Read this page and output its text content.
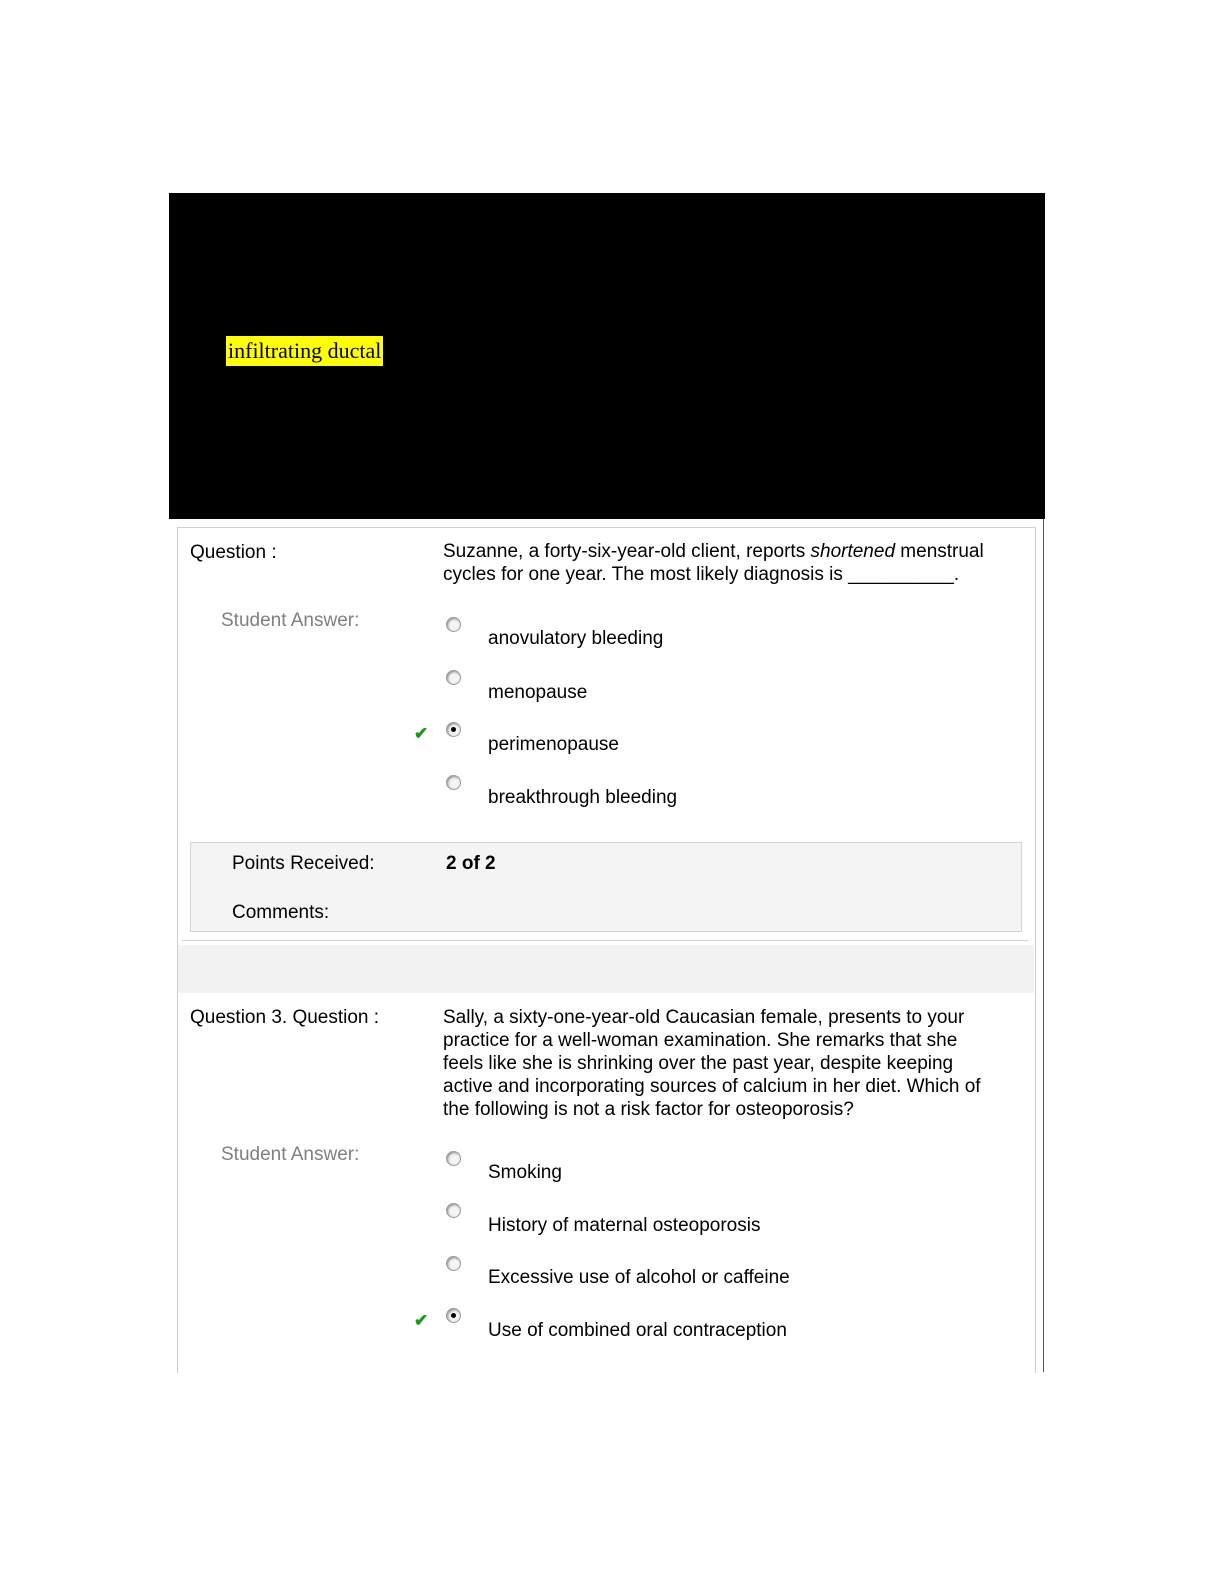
infiltrating ductal
Question :	Suzanne, a forty-six-year-old client, reports shortened menstrual
cycles for one year. The most likely diagnosis is __________.
Student Answer:
anovulatory bleeding
menopause
✔
perimenopause
breakthrough bleeding
Points Received:	2 of 2
Comments:
Question 3. Question :	Sally, a sixty-one-year-old Caucasian female, presents to your
practice for a well-woman examination. She remarks that she
feels like she is shrinking over the past year, despite keeping
active and incorporating sources of calcium in her diet. Which of
the following is not a risk factor for osteoporosis?
Student Answer:
Smoking
History of maternal osteoporosis
Excessive use of alcohol or caffeine
✔	Use of combined oral contraception
